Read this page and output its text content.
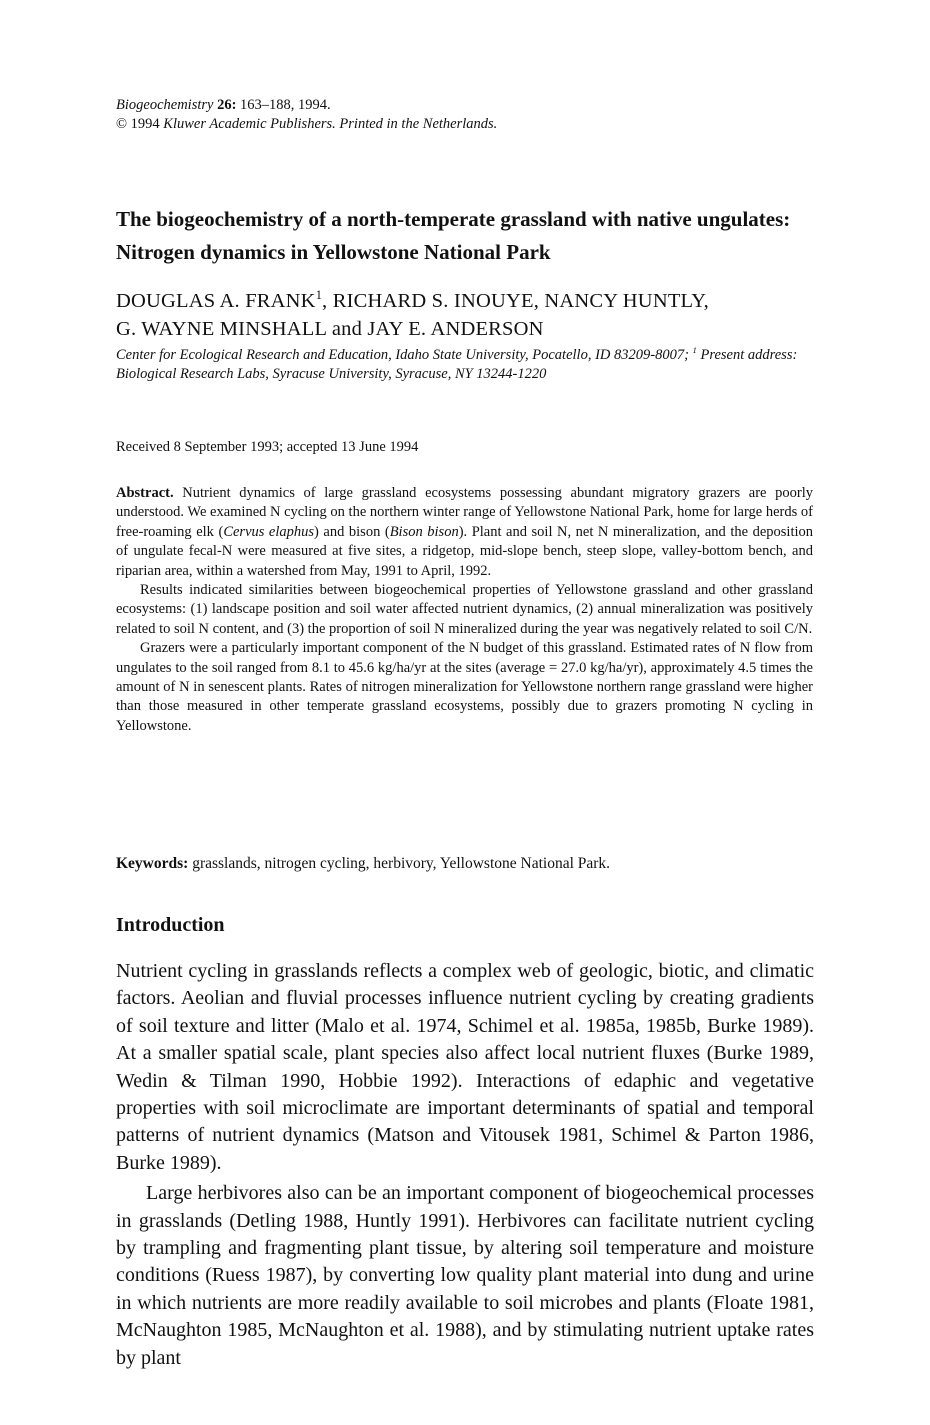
Biogeochemistry 26: 163–188, 1994.
© 1994 Kluwer Academic Publishers. Printed in the Netherlands.
The biogeochemistry of a north-temperate grassland with native ungulates: Nitrogen dynamics in Yellowstone National Park
DOUGLAS A. FRANK$^1$, RICHARD S. INOUYE, NANCY HUNTLY,
G. WAYNE MINSHALL and JAY E. ANDERSON
Center for Ecological Research and Education, Idaho State University, Pocatello, ID 83209-8007; $^1$ Present address: Biological Research Labs, Syracuse University, Syracuse, NY 13244-1220
Received 8 September 1993; accepted 13 June 1994

Abstract. Nutrient dynamics of large grassland ecosystems possessing abundant migratory grazers are poorly understood. We examined N cycling on the northern winter range of Yellowstone National Park, home for large herds of free-roaming elk (Cervus elaphus) and bison (Bison bison). Plant and soil N, net N mineralization, and the deposition of ungulate fecal-N were measured at five sites, a ridgetop, mid-slope bench, steep slope, valley-bottom bench, and riparian area, within a watershed from May, 1991 to April, 1992.

Results indicated similarities between biogeochemical properties of Yellowstone grassland and other grassland ecosystems: (1) landscape position and soil water affected nutrient dynamics, (2) annual mineralization was positively related to soil N content, and (3) the proportion of soil N mineralized during the year was negatively related to soil C/N.

Grazers were a particularly important component of the N budget of this grassland. Estimated rates of N flow from ungulates to the soil ranged from 8.1 to 45.6 kg/ha/yr at the sites (average = 27.0 kg/ha/yr), approximately 4.5 times the amount of N in senescent plants. Rates of nitrogen mineralization for Yellowstone northern range grassland were higher than those measured in other temperate grassland ecosystems, possibly due to grazers promoting N cycling in Yellowstone.

Keywords: grasslands, nitrogen cycling, herbivory, Yellowstone National Park.
Introduction

Nutrient cycling in grasslands reflects a complex web of geologic, biotic, and climatic factors. Aeolian and fluvial processes influence nutrient cycling by creating gradients of soil texture and litter (Malo et al. 1974, Schimel et al. 1985a, 1985b, Burke 1989). At a smaller spatial scale, plant species also affect local nutrient fluxes (Burke 1989, Wedin & Tilman 1990, Hobbie 1992). Interactions of edaphic and vegetative properties with soil microclimate are important determinants of spatial and temporal patterns of nutrient dynamics (Matson and Vitousek 1981, Schimel & Parton 1986, Burke 1989).

Large herbivores also can be an important component of biogeochemical processes in grasslands (Detling 1988, Huntly 1991). Herbivores can facilitate nutrient cycling by trampling and fragmenting plant tissue, by altering soil temperature and moisture conditions (Ruess 1987), by converting low quality plant material into dung and urine in which nutrients are more readily available to soil microbes and plants (Floate 1981, McNaughton 1985, McNaughton et al. 1988), and by stimulating nutrient uptake rates by plant
